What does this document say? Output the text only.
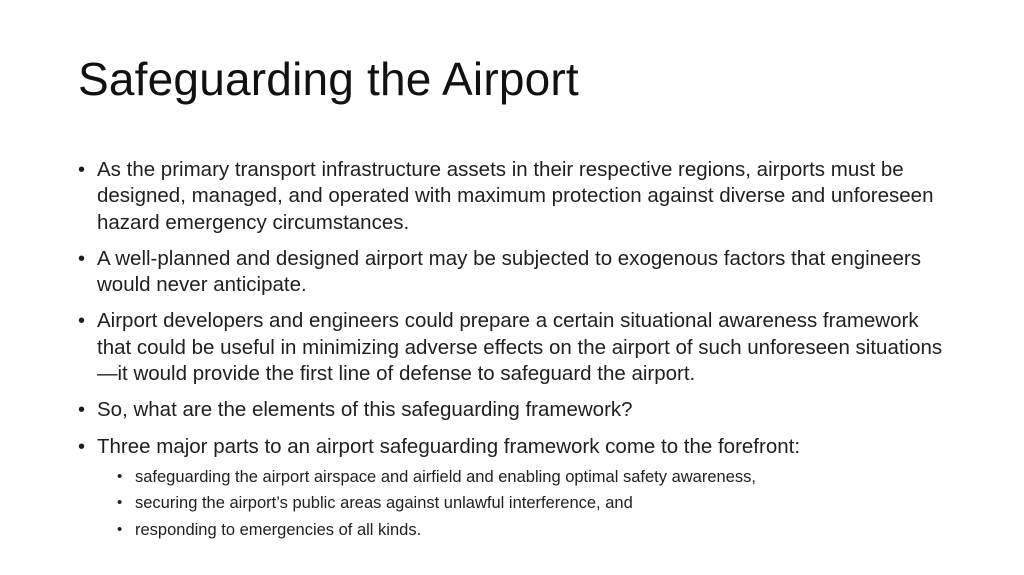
Safeguarding the Airport
• As the primary transport infrastructure assets in their respective regions, airports must be designed, managed, and operated with maximum protection against diverse and unforeseen hazard emergency circumstances.
• A well-planned and designed airport may be subjected to exogenous factors that engineers would never anticipate.
• Airport developers and engineers could prepare a certain situational awareness framework that could be useful in minimizing adverse effects on the airport of such unforeseen situations—it would provide the first line of defense to safeguard the airport.
• So, what are the elements of this safeguarding framework?
• Three major parts to an airport safeguarding framework come to the forefront:
• safeguarding the airport airspace and airfield and enabling optimal safety awareness,
• securing the airport’s public areas against unlawful interference, and
• responding to emergencies of all kinds.
